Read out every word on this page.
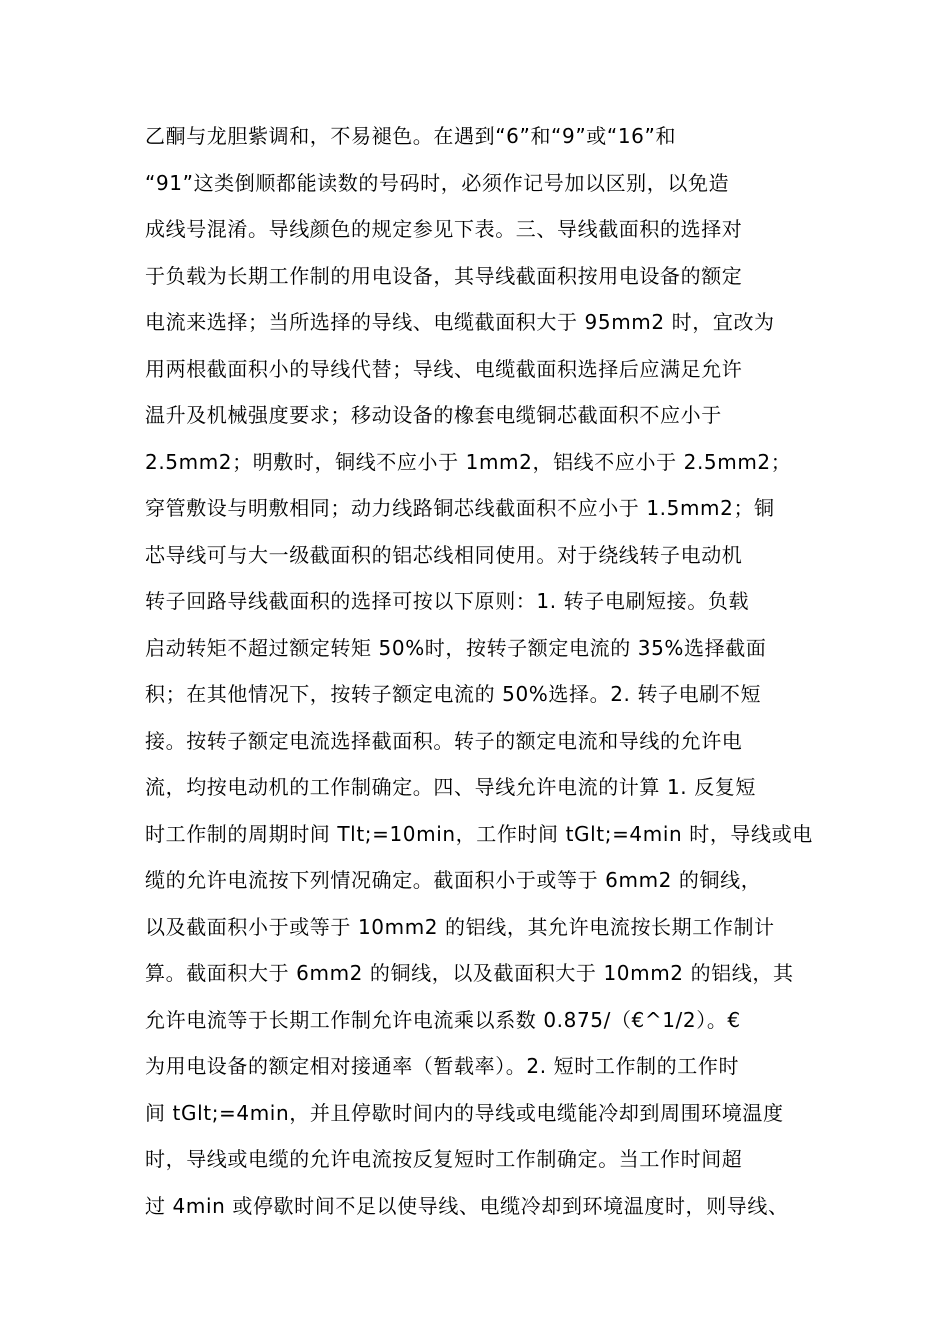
乙酮与龙胆紫调和，不易褪色。在遇到“6”和“9”或“16”和
“91”这类倒顺都能读数的号码时，必须作记号加以区别，以免造
成线号混淆。导线颜色的规定参见下表。三、导线截面积的选择对
于负载为长期工作制的用电设备，其导线截面积按用电设备的额定
电流来选择；当所选择的导线、电缆截面积大于 95mm2 时，宜改为
用两根截面积小的导线代替；导线、电缆截面积选择后应满足允许
温升及机械强度要求；移动设备的橡套电缆铜芯截面积不应小于
2.5mm2；明敷时，铜线不应小于 1mm2，铝线不应小于 2.5mm2；
穿管敷设与明敷相同；动力线路铜芯线截面积不应小于 1.5mm2；铜
芯导线可与大一级截面积的铝芯线相同使用。对于绕线转子电动机
转子回路导线截面积的选择可按以下原则：1. 转子电刷短接。负载
启动转矩不超过额定转矩 50%时，按转子额定电流的 35%选择截面
积；在其他情况下，按转子额定电流的 50%选择。2. 转子电刷不短
接。按转子额定电流选择截面积。转子的额定电流和导线的允许电
流，均按电动机的工作制确定。四、导线允许电流的计算 1. 反复短
时工作制的周期时间 Tlt;=10min，工作时间 tGlt;=4min 时，导线或电
缆的允许电流按下列情况确定。截面积小于或等于 6mm2 的铜线，
以及截面积小于或等于 10mm2 的铝线，其允许电流按长期工作制计
算。截面积大于 6mm2 的铜线，以及截面积大于 10mm2 的铝线，其
允许电流等于长期工作制允许电流乘以系数 0.875/（€^1/2）。€
为用电设备的额定相对接通率（暂载率）。2. 短时工作制的工作时
间 tGlt;=4min，并且停歇时间内的导线或电缆能冷却到周围环境温度
时，导线或电缆的允许电流按反复短时工作制确定。当工作时间超
过 4min 或停歇时间不足以使导线、电缆冷却到环境温度时，则导线、
